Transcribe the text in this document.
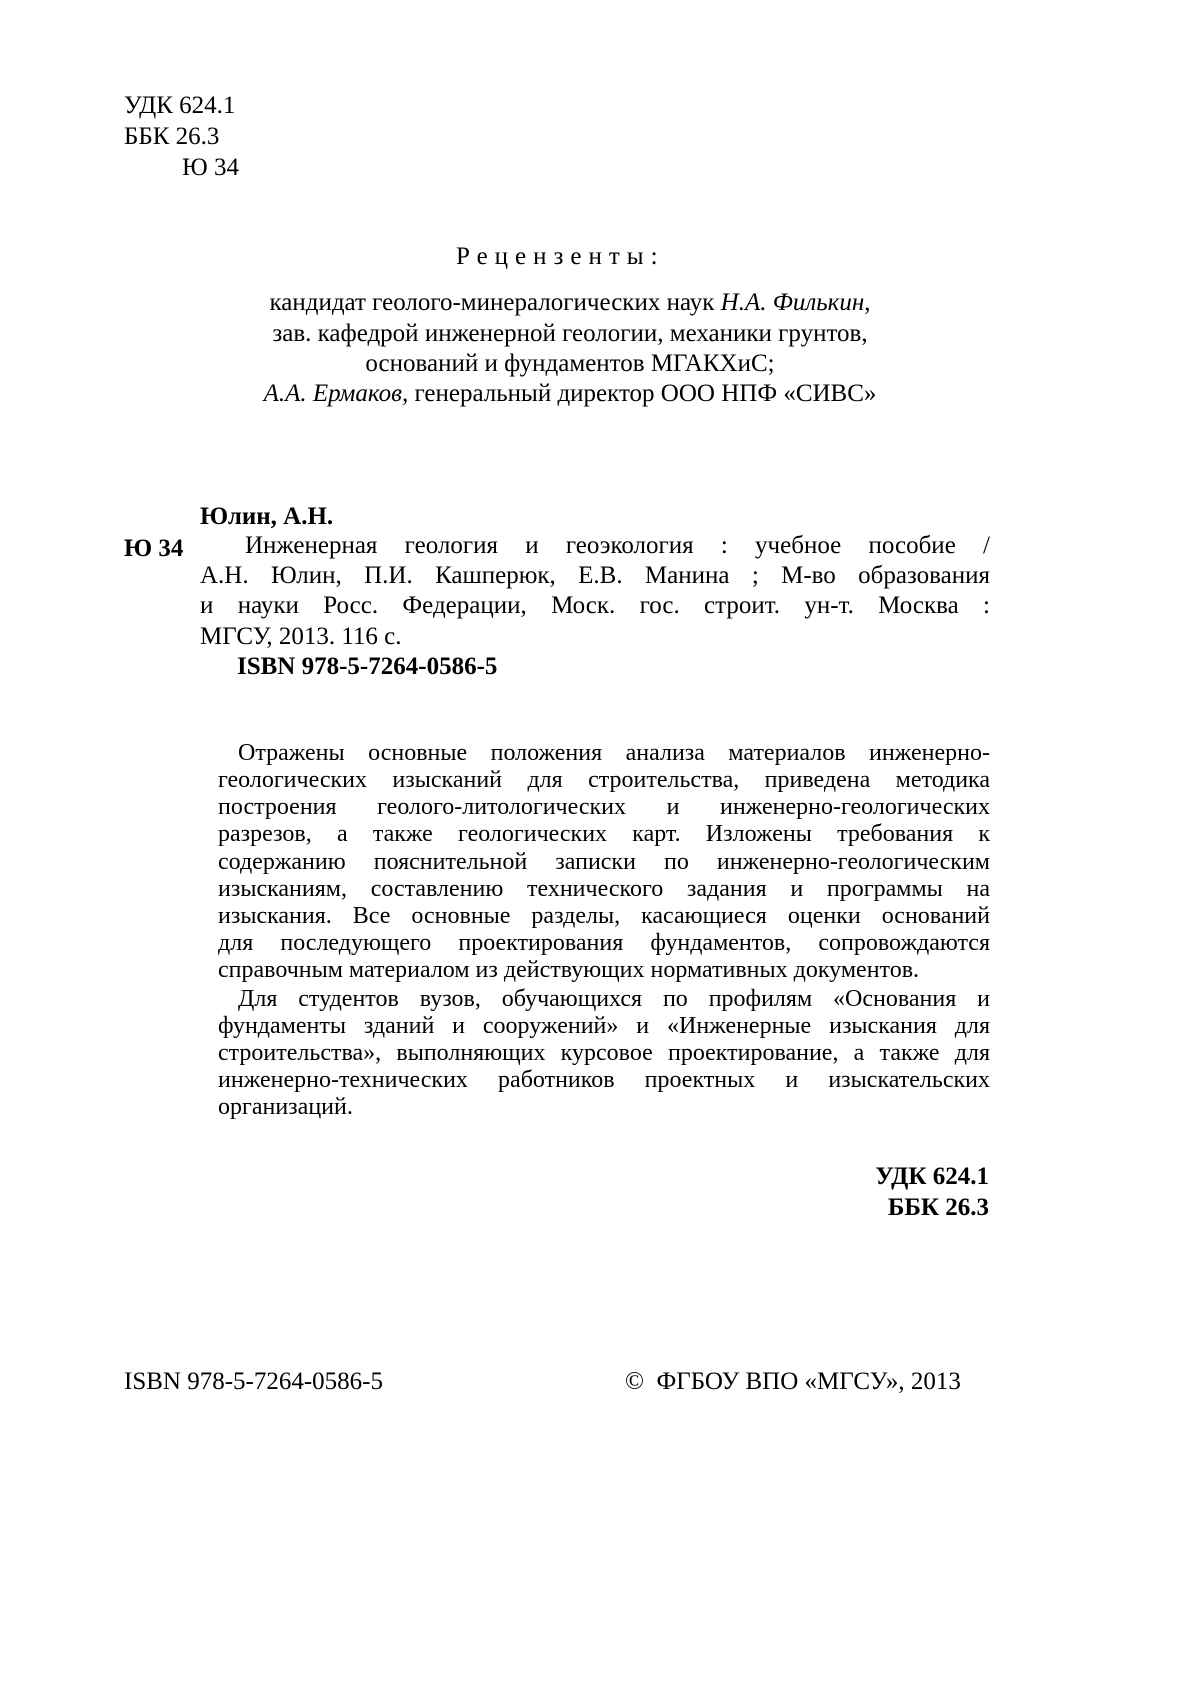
УДК 624.1
ББК 26.3
Ю 34
Рецензенты:
кандидат геолого-минералогических наук Н.А. Филькин,
зав. кафедрой инженерной геологии, механики грунтов,
оснований и фундаментов МГАКХиС;
А.А. Ермаков, генеральный директор ООО НПФ «СИВС»
Юлин, А.Н.
Ю 34 Инженерная геология и геоэкология : учебное пособие /
А.Н. Юлин, П.И. Кашперюк, Е.В. Манина ; М-во образования
и науки Росс. Федерации, Моск. гос. строит. ун-т. Москва :
МГСУ, 2013. 116 с.
ISBN 978-5-7264-0586-5
Отражены основные положения анализа материалов инженерно-
геологических изысканий для строительства, приведена методика
построения геолого-литологических и инженерно-геологических
разрезов, а также геологических карт. Изложены требования к
содержанию пояснительной записки по инженерно-геологическим
изысканиям, составлению технического задания и программы на
изыскания. Все основные разделы, касающиеся оценки оснований
для последующего проектирования фундаментов, сопровождаются
справочным материалом из действующих нормативных документов.
Для студентов вузов, обучающихся по профилям «Основания и
фундаменты зданий и сооружений» и «Инженерные изыскания для
строительства», выполняющих курсовое проектирование, а также для
инженерно-технических работников проектных и изыскательских
организаций.
УДК 624.1
ББК 26.3
ISBN 978-5-7264-0586-5	©  ФГБОУ ВПО «МГСУ», 2013
